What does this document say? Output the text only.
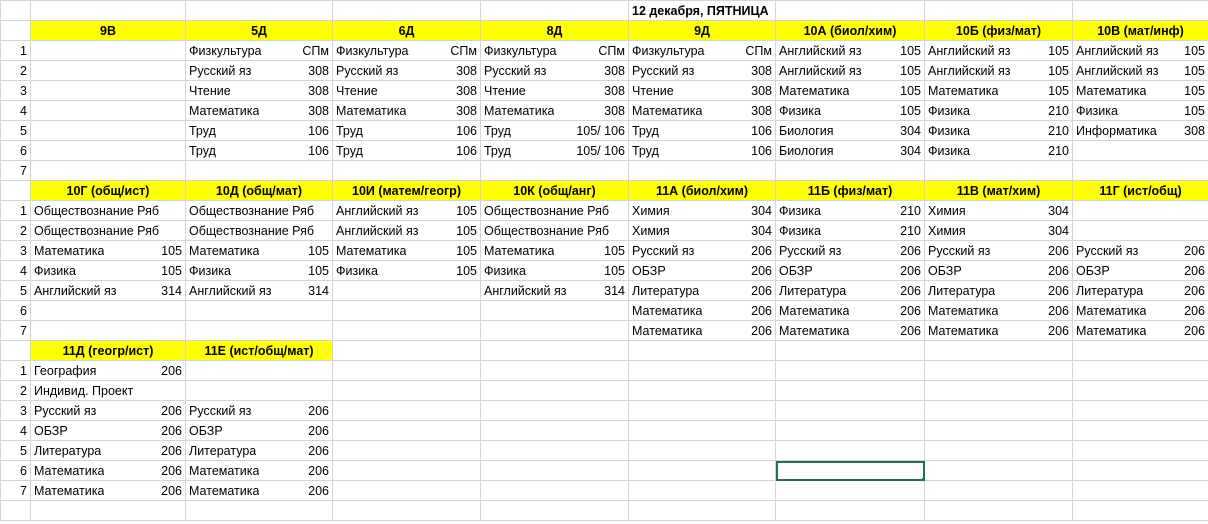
					12 декабря, ПЯТНИЦА			
	9В	5Д	6Д	8Д	9Д	10А (биол/хим)	10Б (физ/мат)	10В (мат/инф)
1		Физкультура СПм	Физкультура СПм	Физкультура СПм	Физкультура СПм	Английский яз 105	Английский яз 105	Английский яз 105

2		Русский яз 308	Русский яз 308	Русский яз 308	Русский яз 308	Английский яз 105	Английский яз 105	Английский яз 105

3		Чтение 308	Чтение 308	Чтение 308	Чтение 308	Математика 105	Математика 105	Математика 105

4		Математика 308	Математика 308	Математика 308	Математика 308	Физика 105	Физика 210	Физика 105

5		Труд 106	Труд 106	Труд 105/ 106	Труд 106	Биология 304	Физика 210	Информатика 308

6		Труд 106	Труд 106	Труд 105/ 106	Труд 106	Биология 304	Физика 210	

7								
	10Г (общ/ист)	10Д (общ/мат)	10И (матем/геогр)	10К (общ/анг)	11А (биол/хим)	11Б (физ/мат)	11В (мат/хим)	11Г (ист/общ)
1	Обществознание Ряб	Обществознание Ряб	Английский яз 105	Обществознание Ряб	Химия 304	Физика 210	Химия 304	

2	Обществознание Ряб	Обществознание Ряб	Английский яз 105	Обществознание Ряб	Химия 304	Физика 210	Химия 304	

3	Математика 105	Математика 105	Математика 105	Математика 105	Русский яз 206	Русский яз 206	Русский яз 206	Русский яз 206

4	Физика 105	Физика 105	Физика 105	Физика 105	ОБЗР 206	ОБЗР 206	ОБЗР 206	ОБЗР 206

5	Английский яз 314	Английский яз 314		Английский яз 314	Литература 206	Литература 206	Литература 206	Литература 206

6					Математика 206	Математика 206	Математика 206	Математика 206

7					Математика 206	Математика 206	Математика 206	Математика 206

	11Д (геогр/ист)	11Е (ист/общ/мат)						
1	География 206							

2	Индивид. Проект							

3	Русский яз 206	Русский яз 206						

4	ОБЗР 206	ОБЗР 206						

5	Литература 206	Литература 206						

6	Математика 206	Математика 206						

7	Математика 206	Математика 206						
